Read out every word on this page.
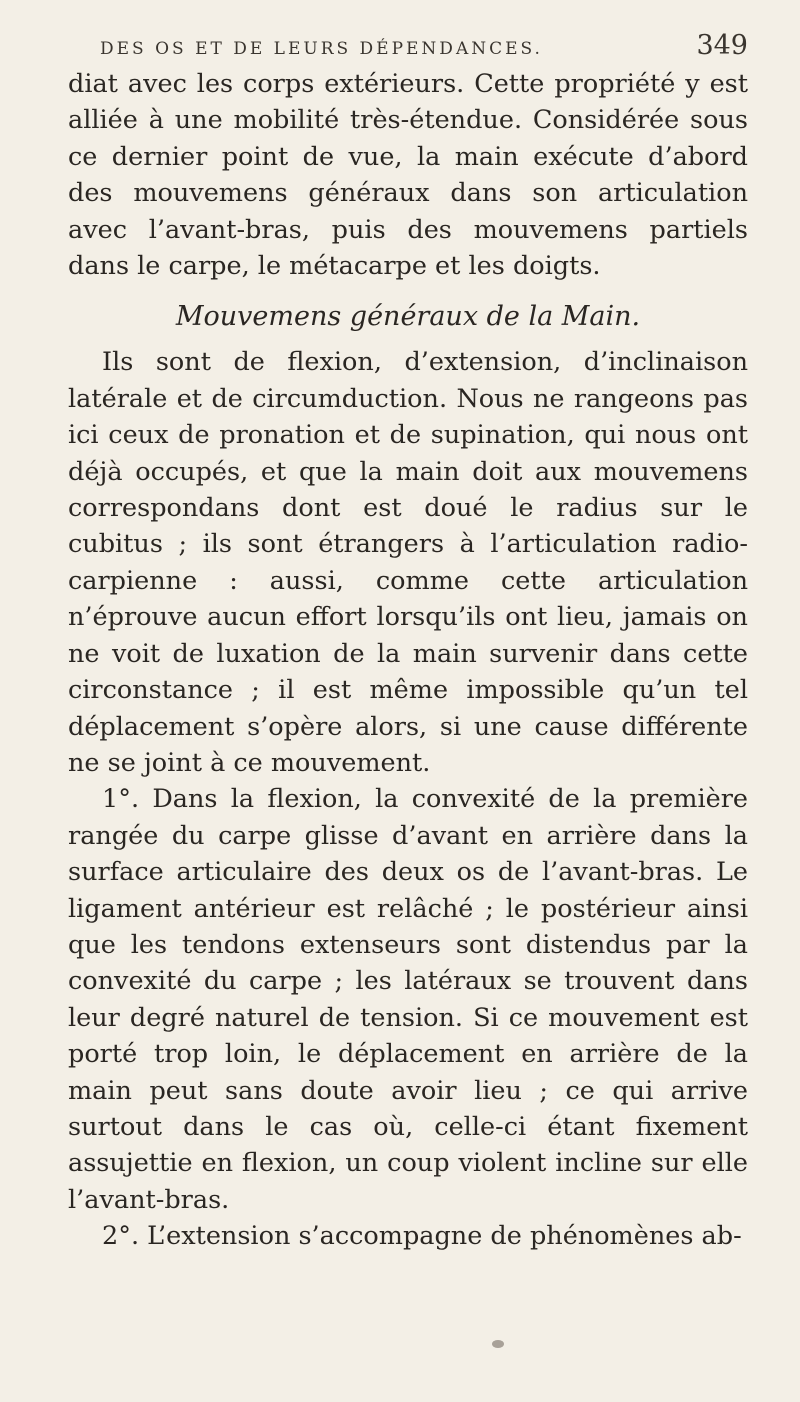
DES OS ET DE LEURS DÉPENDANCES.	349

diat avec les corps extérieurs. Cette propriété y est alliée à une mobilité très-étendue. Considérée sous ce dernier point de vue, la main exécute d’abord des mouvemens généraux dans son articulation avec l’avant-bras, puis des mouvemens partiels dans le carpe, le métacarpe et les doigts.

Mouvemens généraux de la Main.

Ils sont de flexion, d’extension, d’inclinaison latérale et de circumduction. Nous ne rangeons pas ici ceux de pronation et de supination, qui nous ont déjà occupés, et que la main doit aux mouvemens correspondans dont est doué le radius sur le cubitus ; ils sont étrangers à l’articulation radio-carpienne : aussi, comme cette articulation n’éprouve aucun effort lorsqu’ils ont lieu, jamais on ne voit de luxation de la main survenir dans cette circonstance ; il est même impossible qu’un tel déplacement s’opère alors, si une cause différente ne se joint à ce mouvement.

1°. Dans la flexion, la convexité de la première rangée du carpe glisse d’avant en arrière dans la surface articulaire des deux os de l’avant-bras. Le ligament antérieur est relâché ; le postérieur ainsi que les tendons extenseurs sont distendus par la convexité du carpe ; les latéraux se trouvent dans leur degré naturel de tension. Si ce mouvement est porté trop loin, le déplacement en arrière de la main peut sans doute avoir lieu ; ce qui arrive surtout dans le cas où, celle-ci étant fixement assujettie en flexion, un coup violent incline sur elle l’avant-bras.

2°. L’extension s’accompagne de phénomènes ab-
